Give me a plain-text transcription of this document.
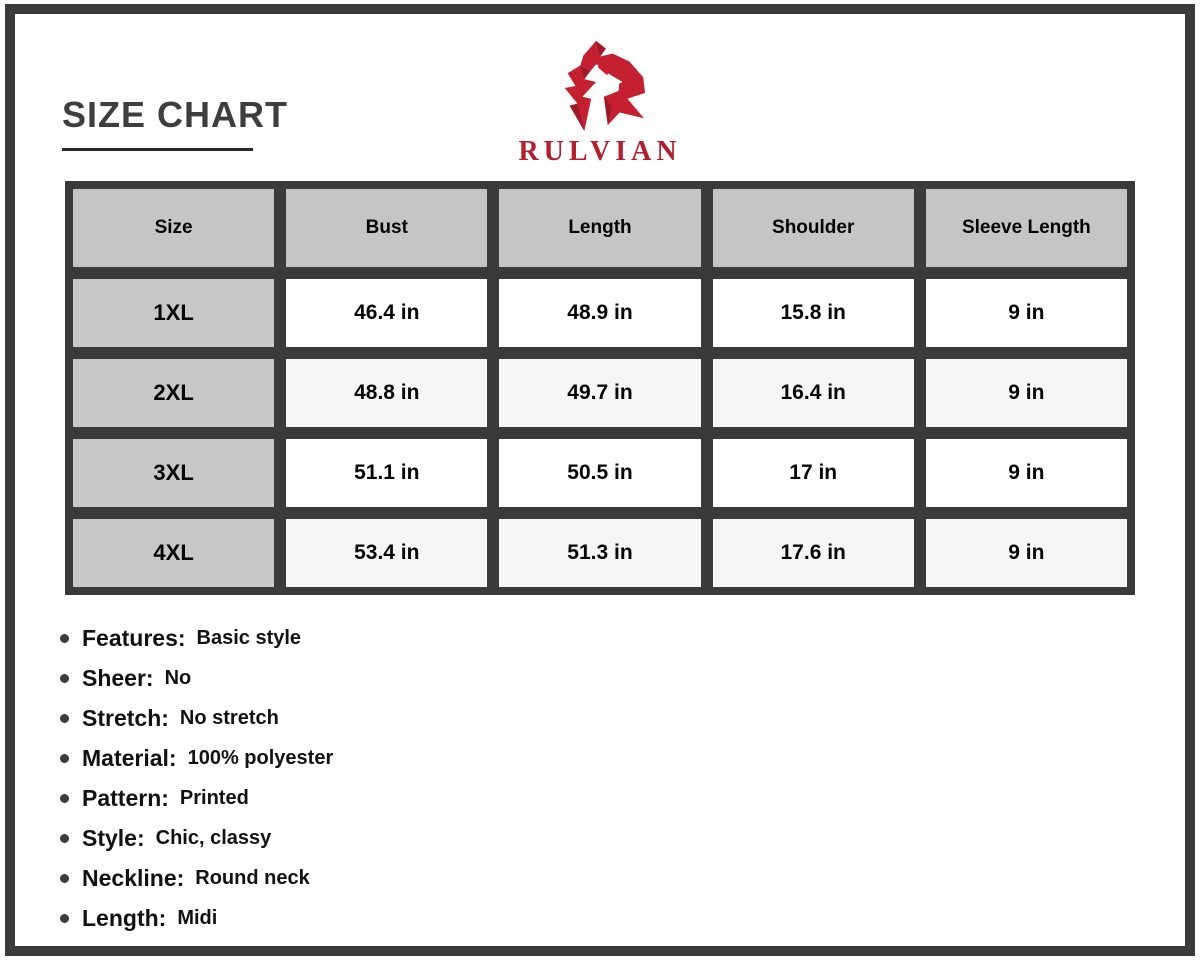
SIZE CHART
RULVIAN
Size	Bust	Length	Shoulder	Sleeve Length
1XL	46.4 in	48.9 in	15.8 in	9 in
2XL	48.8 in	49.7 in	16.4 in	9 in
3XL	51.1 in	50.5 in	17 in	9 in
4XL	53.4 in	51.3 in	17.6 in	9 in
Features: Basic style
Sheer: No
Stretch: No stretch
Material: 100% polyester
Pattern: Printed
Style: Chic, classy
Neckline: Round neck
Length: Midi
